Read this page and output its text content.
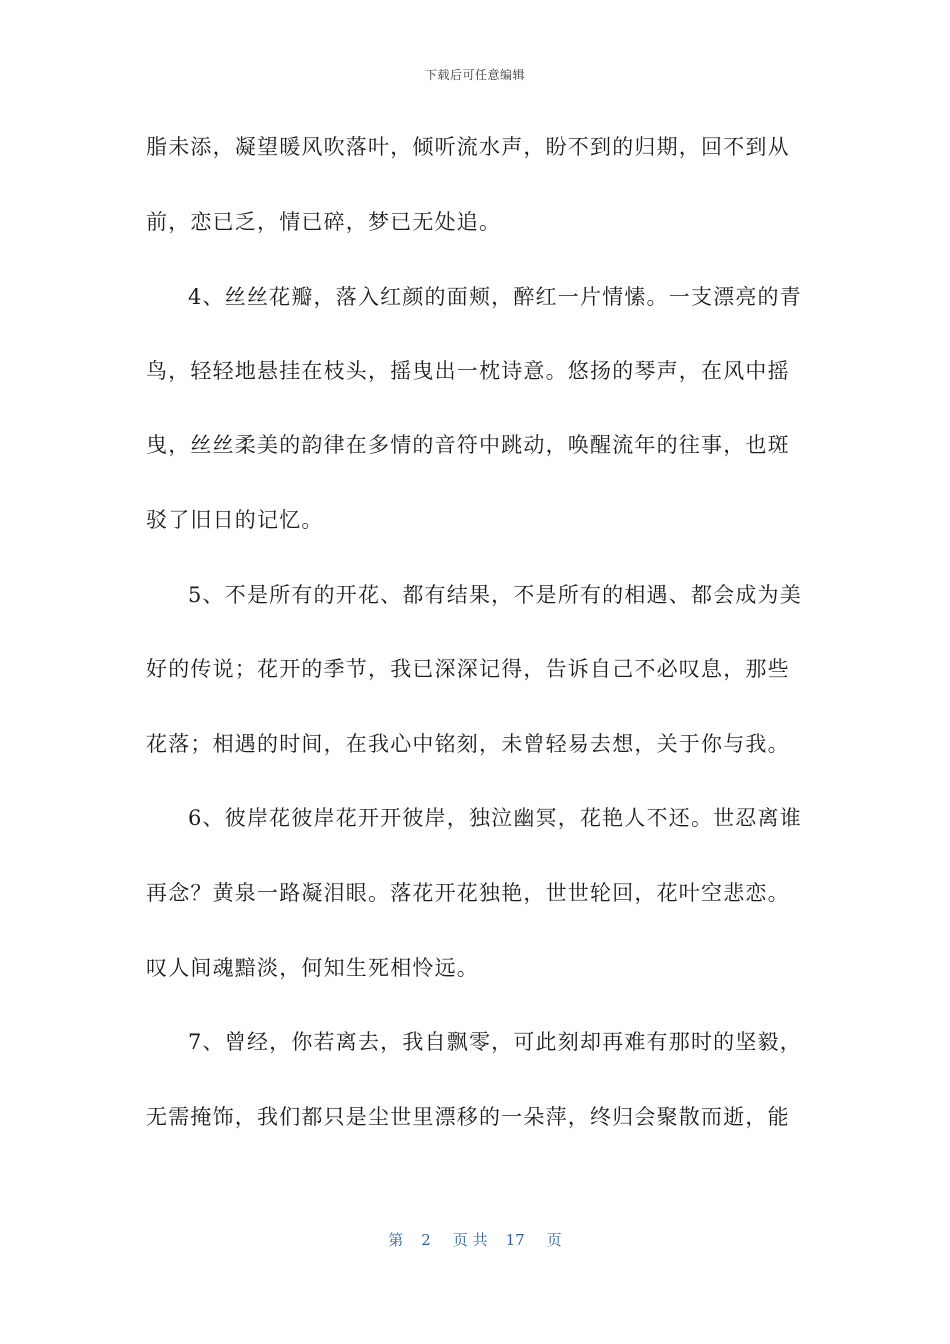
下载后可任意编辑
脂未添，凝望暖风吹落叶，倾听流水声，盼不到的归期，回不到从
前，恋已乏，情已碎，梦已无处追。
4、丝丝花瓣，落入红颜的面颊，醉红一片情愫。一支漂亮的青
鸟，轻轻地悬挂在枝头，摇曳出一枕诗意。悠扬的琴声，在风中摇
曳，丝丝柔美的韵律在多情的音符中跳动，唤醒流年的往事，也斑
驳了旧日的记忆。
5、不是所有的开花、都有结果，不是所有的相遇、都会成为美
好的传说；花开的季节，我已深深记得，告诉自己不必叹息，那些
花落；相遇的时间，在我心中铭刻，未曾轻易去想，关于你与我。
6、彼岸花彼岸花开开彼岸，独泣幽冥，花艳人不还。世忍离谁
再念？黄泉一路凝泪眼。落花开花独艳，世世轮回，花叶空悲恋。
叹人间魂黯淡，何知生死相怜远。
7、曾经，你若离去，我自飘零，可此刻却再难有那时的坚毅，
无需掩饰，我们都只是尘世里漂移的一朵萍，终归会聚散而逝，能
第 2 页 共 17 页
